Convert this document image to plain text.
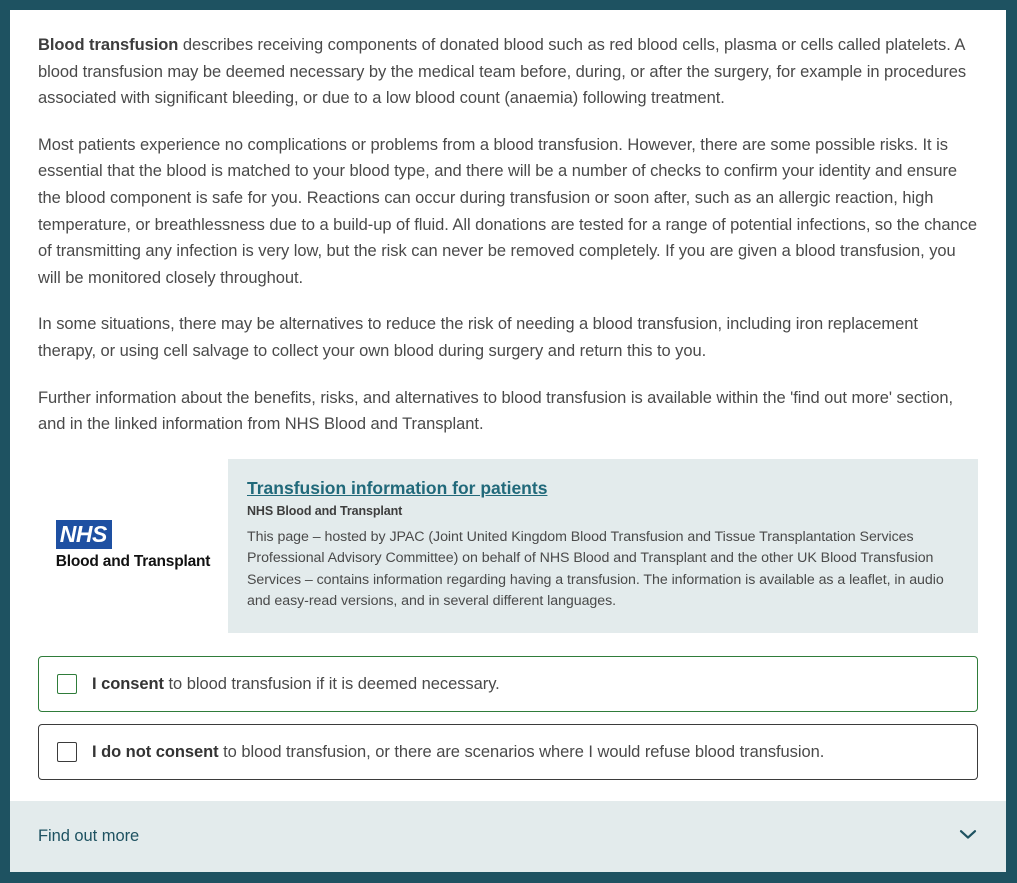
Blood transfusion describes receiving components of donated blood such as red blood cells, plasma or cells called platelets. A blood transfusion may be deemed necessary by the medical team before, during, or after the surgery, for example in procedures associated with significant bleeding, or due to a low blood count (anaemia) following treatment.

Most patients experience no complications or problems from a blood transfusion. However, there are some possible risks. It is essential that the blood is matched to your blood type, and there will be a number of checks to confirm your identity and ensure the blood component is safe for you. Reactions can occur during transfusion or soon after, such as an allergic reaction, high temperature, or breathlessness due to a build-up of fluid. All donations are tested for a range of potential infections, so the chance of transmitting any infection is very low, but the risk can never be removed completely. If you are given a blood transfusion, you will be monitored closely throughout.

In some situations, there may be alternatives to reduce the risk of needing a blood transfusion, including iron replacement therapy, or using cell salvage to collect your own blood during surgery and return this to you.

Further information about the benefits, risks, and alternatives to blood transfusion is available within the 'find out more' section, and in the linked information from NHS Blood and Transplant.

NHS
Blood and Transplant
Transfusion information for patients

NHS Blood and Transplant

This page – hosted by JPAC (Joint United Kingdom Blood Transfusion and Tissue Transplantation Services Professional Advisory Committee) on behalf of NHS Blood and Transplant and the other UK Blood Transfusion Services – contains information regarding having a transfusion. The information is available as a leaflet, in audio and easy-read versions, and in several different languages.

I consent to blood transfusion if it is deemed necessary.
I do not consent to blood transfusion, or there are scenarios where I would refuse blood transfusion.
Find out more
